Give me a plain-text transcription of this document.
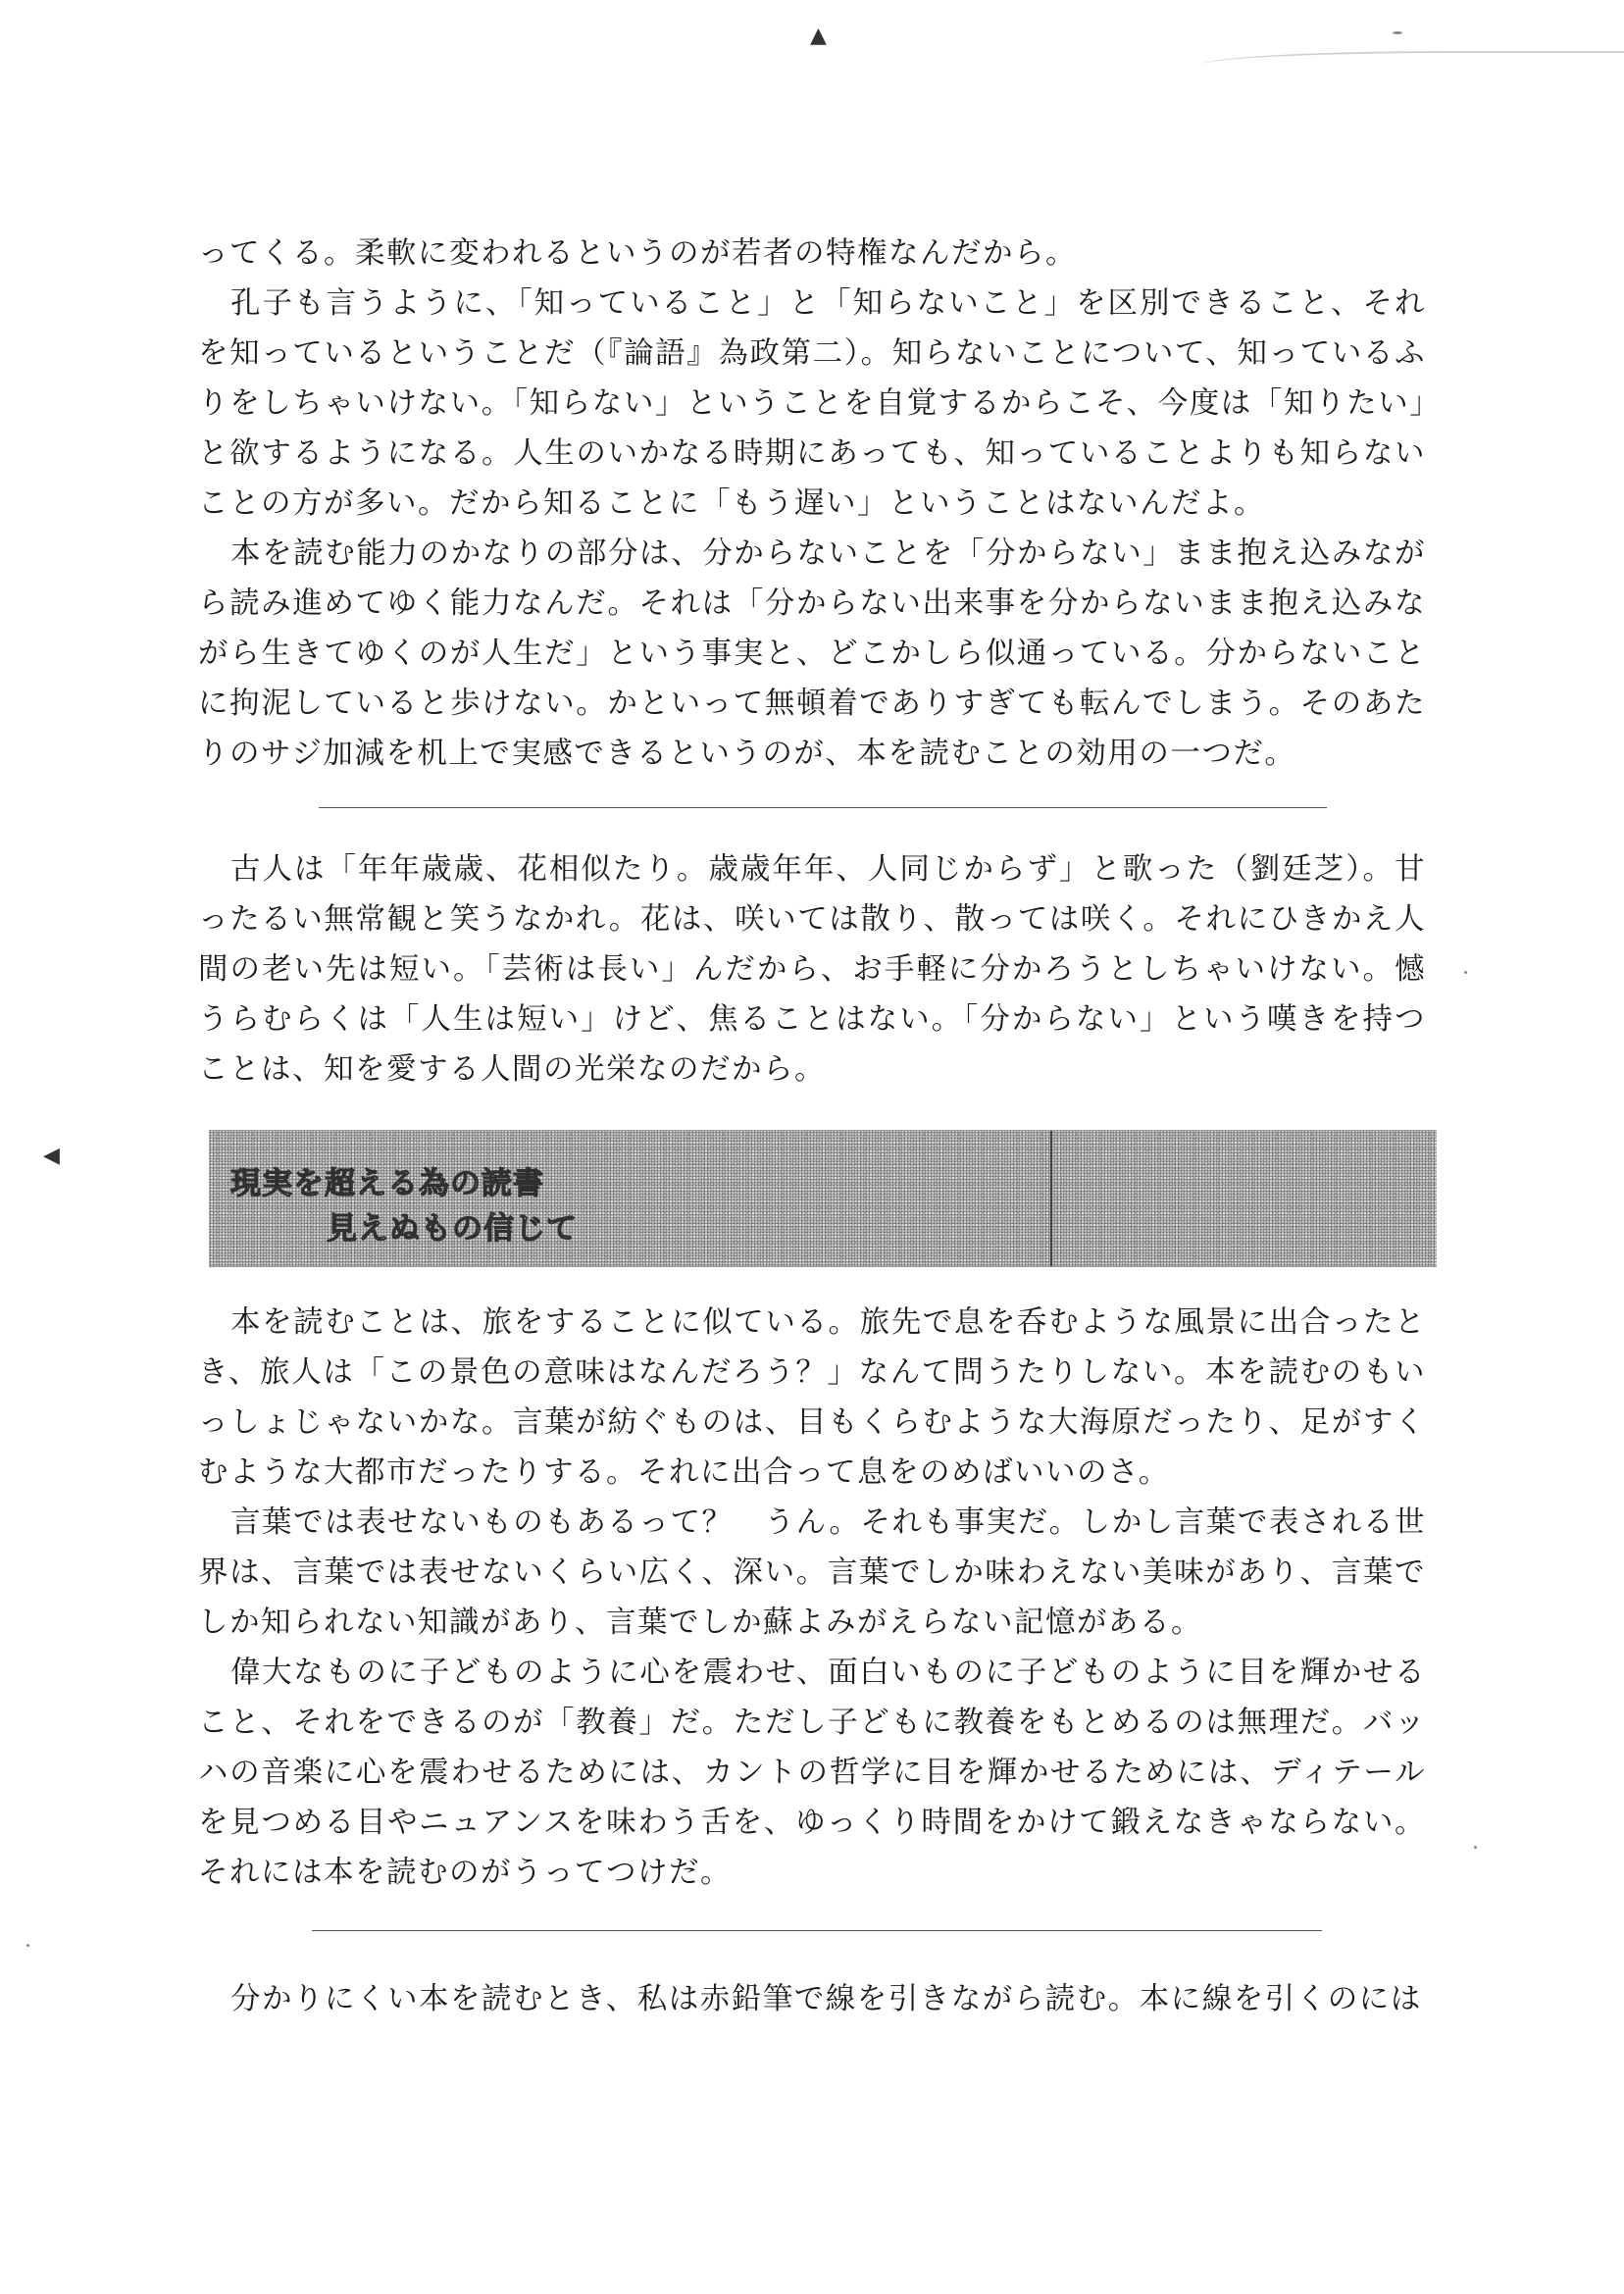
▲
◀

ってくる。柔軟に変われるというのが若者の特権なんだから。

孔子も言うように、「知っていること」と「知らないこと」を区別できること、それを知っているということだ（『論語』為政第二）。知らないことについて、知っているふりをしちゃいけない。「知らない」ということを自覚するからこそ、今度は「知りたい」と欲するようになる。人生のいかなる時期にあっても、知っていることよりも知らないことの方が多い。だから知ることに「もう遅い」ということはないんだよ。

本を読む能力のかなりの部分は、分からないことを「分からない」まま抱え込みながら読み進めてゆく能力なんだ。それは「分からない出来事を分からないまま抱え込みながら生きてゆくのが人生だ」という事実と、どこかしら似通っている。分からないことに拘泥していると歩けない。かといって無頓着でありすぎても転んでしまう。そのあたりのサジ加減を机上で実感できるというのが、本を読むことの効用の一つだ。

古人は「年年歳歳、花相似たり。歳歳年年、人同じからず」と歌った（劉廷芝）。甘ったるい無常観と笑うなかれ。花は、咲いては散り、散っては咲く。それにひきかえ人間の老い先は短い。「芸術は長い」んだから、お手軽に分かろうとしちゃいけない。憾うらむらくは「人生は短い」けど、焦ることはない。「分からない」という嘆きを持つことは、知を愛する人間の光栄なのだから。

現実を超える為の読書
見えぬもの信じて

本を読むことは、旅をすることに似ている。旅先で息を呑むような風景に出合ったとき、旅人は「この景色の意味はなんだろう？」なんて問うたりしない。本を読むのもいっしょじゃないかな。言葉が紡ぐものは、目もくらむような大海原だったり、足がすくむような大都市だったりする。それに出合って息をのめばいいのさ。

言葉では表せないものもあるって？　うん。それも事実だ。しかし言葉で表される世界は、言葉では表せないくらい広く、深い。言葉でしか味わえない美味があり、言葉でしか知られない知識があり、言葉でしか蘇よみがえらない記憶がある。

偉大なものに子どものように心を震わせ、面白いものに子どものように目を輝かせること、それをできるのが「教養」だ。ただし子どもに教養をもとめるのは無理だ。バッハの音楽に心を震わせるためには、カントの哲学に目を輝かせるためには、ディテールを見つめる目やニュアンスを味わう舌を、ゆっくり時間をかけて鍛えなきゃならない。それには本を読むのがうってつけだ。

分かりにくい本を読むとき、私は赤鉛筆で線を引きながら読む。本に線を引くのには
